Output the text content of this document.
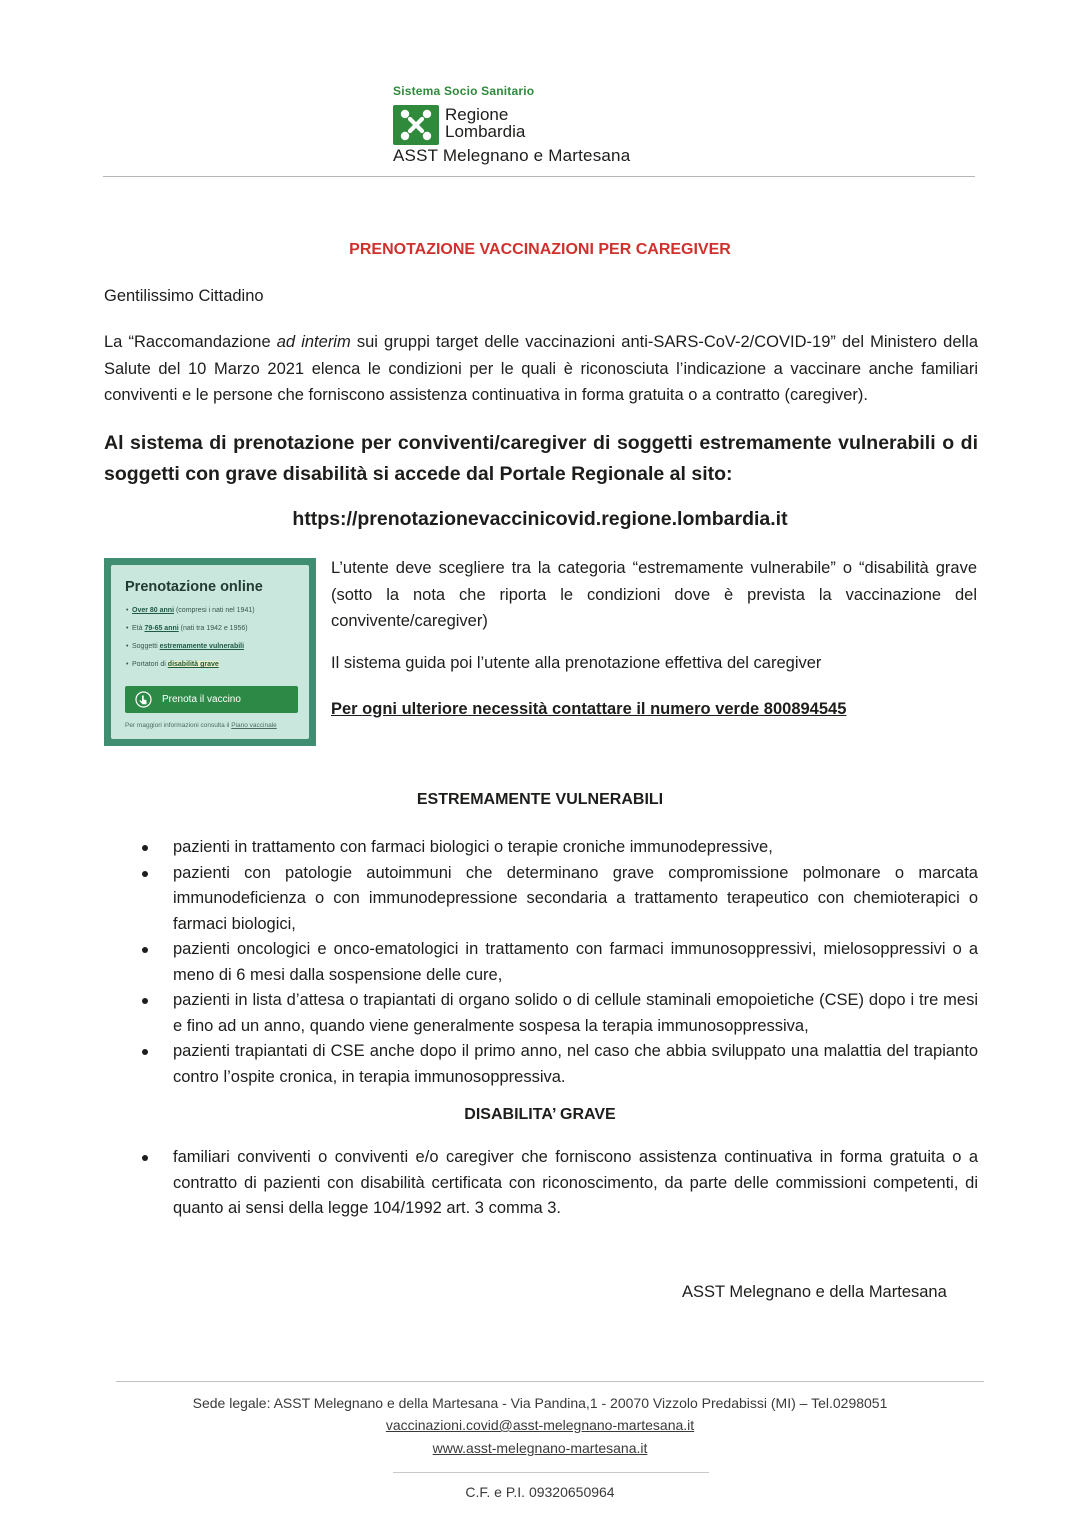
Sistema Socio Sanitario
Regione
Lombardia
ASST Melegnano e Martesana
PRENOTAZIONE VACCINAZIONI PER CAREGIVER
Gentilissimo Cittadino
La “Raccomandazione ad interim sui gruppi target delle vaccinazioni anti-SARS-CoV-2/COVID-19” del Ministero della Salute del 10 Marzo 2021 elenca le condizioni per le quali è riconosciuta l’indicazione a vaccinare anche familiari conviventi e le persone che forniscono assistenza continuativa in forma gratuita o a contratto (caregiver).
Al sistema di prenotazione per conviventi/caregiver di soggetti estremamente vulnerabili o di soggetti con grave disabilità si accede dal Portale Regionale al sito:
https://prenotazionevaccinicovid.regione.lombardia.it
Prenotazione online
• Over 80 anni (compresi i nati nel 1941)
• Età 79-65 anni (nati tra 1942 e 1956)
• Soggetti estremamente vulnerabili
• Portatori di disabilità grave
Prenota il vaccino
Per maggiori informazioni consulta il Piano vaccinale
L’utente deve scegliere tra la categoria “estremamente vulnerabile” o “disabilità grave (sotto la nota che riporta le condizioni dove è prevista la vaccinazione del convivente/caregiver)
Il sistema guida poi l’utente alla prenotazione effettiva del caregiver
Per ogni ulteriore necessità contattare il numero verde 800894545
ESTREMAMENTE VULNERABILI
pazienti in trattamento con farmaci biologici o terapie croniche immunodepressive,
pazienti con patologie autoimmuni che determinano grave compromissione polmonare o marcata immunodeficienza o con immunodepressione secondaria a trattamento terapeutico con chemioterapici o farmaci biologici,
pazienti oncologici e onco-ematologici in trattamento con farmaci immunosoppressivi, mielosoppressivi o a meno di 6 mesi dalla sospensione delle cure,
pazienti in lista d’attesa o trapiantati di organo solido o di cellule staminali emopoietiche (CSE) dopo i tre mesi e fino ad un anno, quando viene generalmente sospesa la terapia immunosoppressiva,
pazienti trapiantati di CSE anche dopo il primo anno, nel caso che abbia sviluppato una malattia del trapianto contro l’ospite cronica, in terapia immunosoppressiva.
DISABILITA’ GRAVE
familiari conviventi o conviventi e/o caregiver che forniscono assistenza continuativa in forma gratuita o a contratto di pazienti con disabilità certificata con riconoscimento, da parte delle commissioni competenti, di quanto ai sensi della legge 104/1992 art. 3 comma 3.
ASST Melegnano e della Martesana
Sede legale: ASST Melegnano e della Martesana - Via Pandina,1 - 20070 Vizzolo Predabissi (MI) – Tel.0298051
vaccinazioni.covid@asst-melegnano-martesana.it
www.asst-melegnano-martesana.it
C.F. e P.I. 09320650964
